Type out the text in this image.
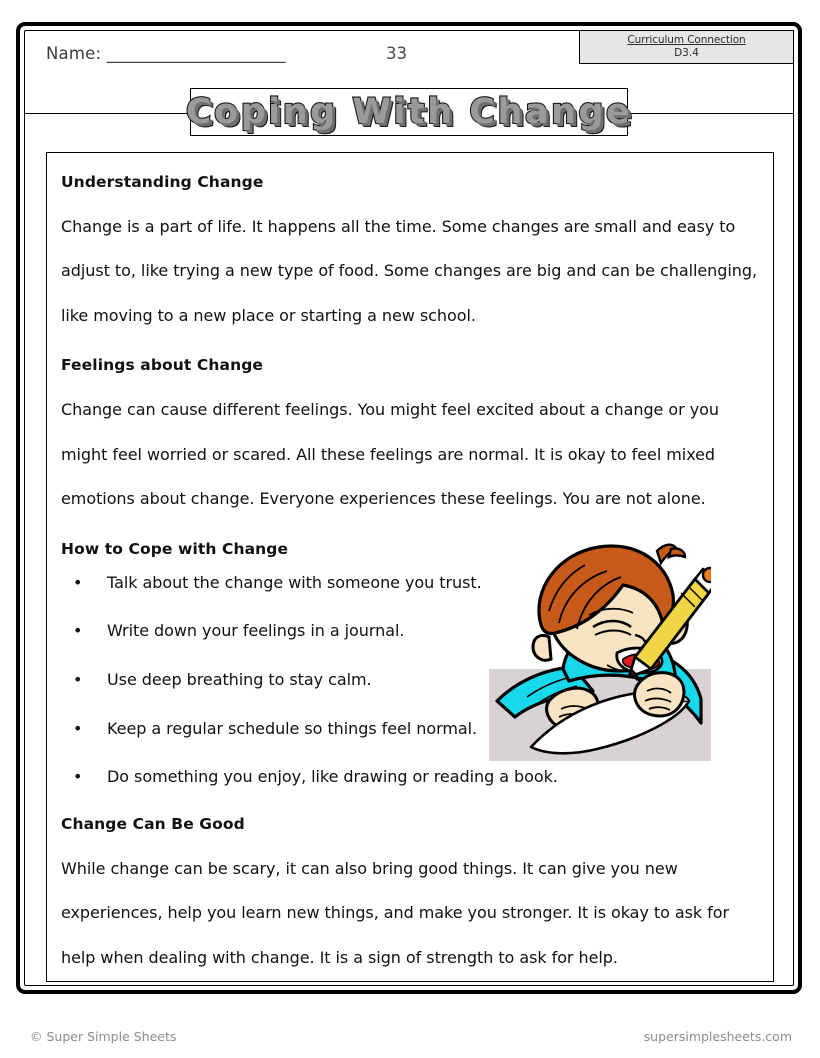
Name: _______________________	33
Curriculum Connection
D3.4
Coping With Change
Understanding Change

Change is a part of life. It happens all the time. Some changes are small and easy to adjust to, like trying a new type of food. Some changes are big and can be challenging, like moving to a new place or starting a new school.

Feelings about Change

Change can cause different feelings. You might feel excited about a change or you might feel worried or scared. All these feelings are normal. It is okay to feel mixed emotions about change. Everyone experiences these feelings. You are not alone.

How to Cope with Change
• Talk about the change with someone you trust.
• Write down your feelings in a journal.
• Use deep breathing to stay calm.
• Keep a regular schedule so things feel normal.
• Do something you enjoy, like drawing or reading a book.
Change Can Be Good

While change can be scary, it can also bring good things. It can give you new experiences, help you learn new things, and make you stronger. It is okay to ask for help when dealing with change. It is a sign of strength to ask for help.

© Super Simple Sheets	supersimplesheets.com
